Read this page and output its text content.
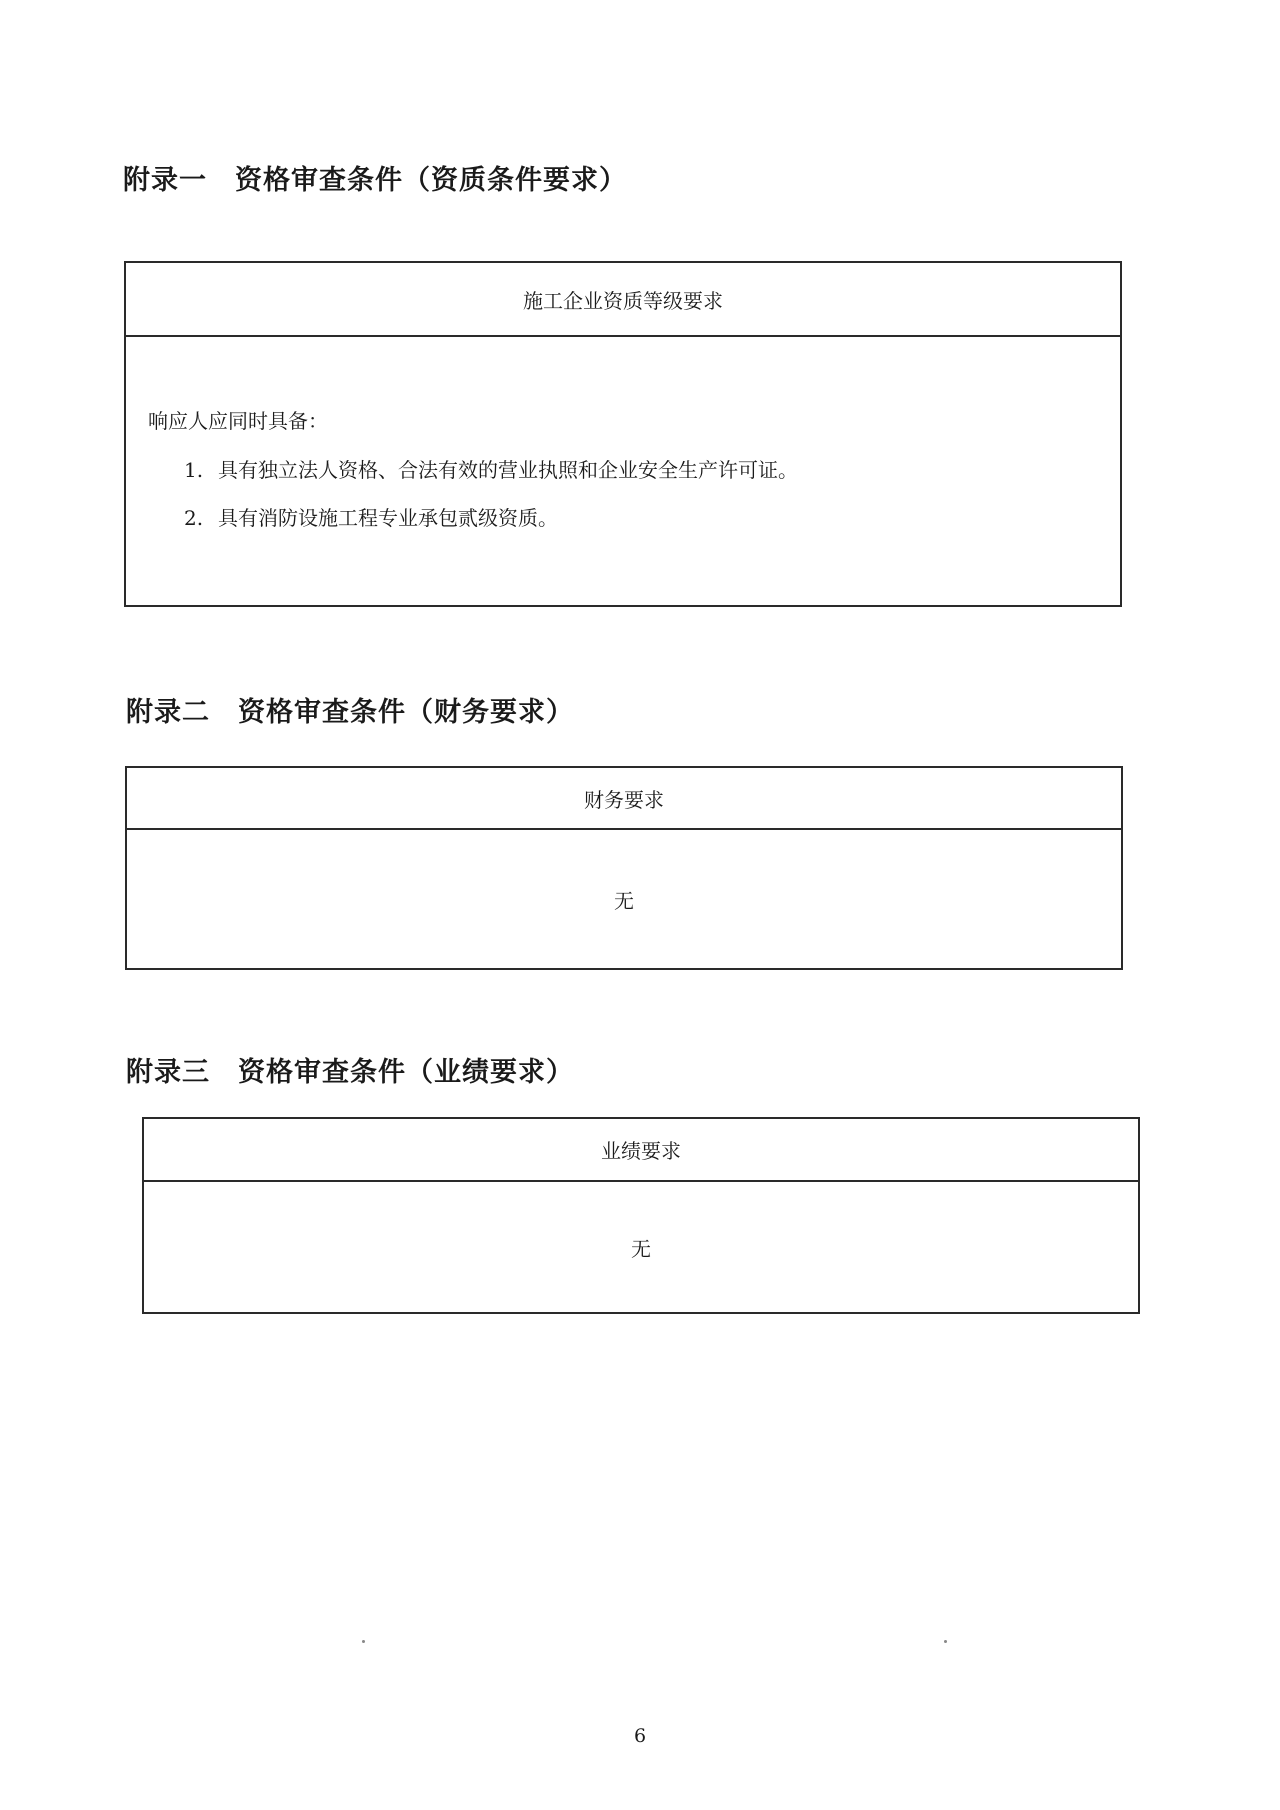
附录一 资格审查条件（资质条件要求）
施工企业资质等级要求
响应人应同时具备：
1. 具有独立法人资格、合法有效的营业执照和企业安全生产许可证。
2. 具有消防设施工程专业承包贰级资质。
附录二 资格审查条件（财务要求）
财务要求
无
附录三 资格审查条件（业绩要求）
业绩要求
无
6
